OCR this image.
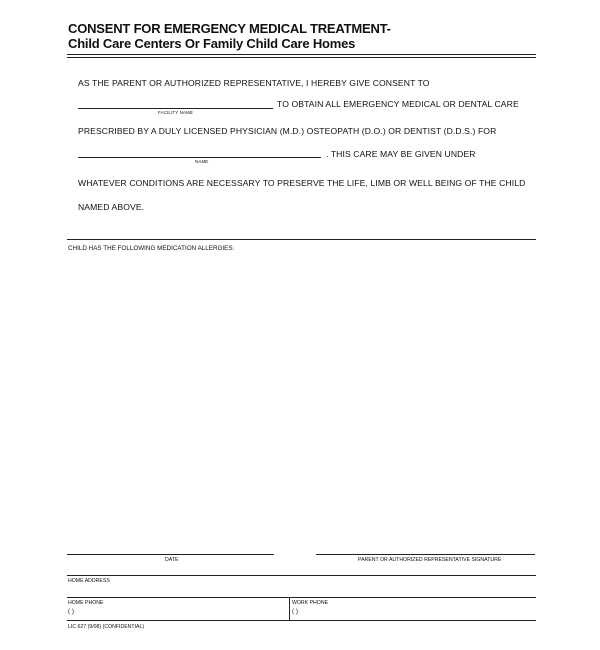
CONSENT FOR EMERGENCY MEDICAL TREATMENT-
Child Care Centers Or Family Child Care Homes
AS THE PARENT OR AUTHORIZED REPRESENTATIVE, I HEREBY GIVE CONSENT TO
FACILITY NAME
TO OBTAIN ALL EMERGENCY MEDICAL OR DENTAL CARE
PRESCRIBED BY A DULY LICENSED PHYSICIAN (M.D.) OSTEOPATH (D.O.) OR DENTIST (D.D.S.) FOR
NAME
. THIS CARE MAY BE GIVEN UNDER
WHATEVER CONDITIONS ARE NECESSARY TO PRESERVE THE LIFE, LIMB OR WELL BEING OF THE CHILD
NAMED ABOVE.
CHILD HAS THE FOLLOWING MEDICATION ALLERGIES:
DATE	PARENT OR AUTHORIZED REPRESENTATIVE SIGNATURE
HOME ADDRESS
HOME PHONE
( )
WORK PHONE
( )
LIC 627 (9/08) (CONFIDENTIAL)
